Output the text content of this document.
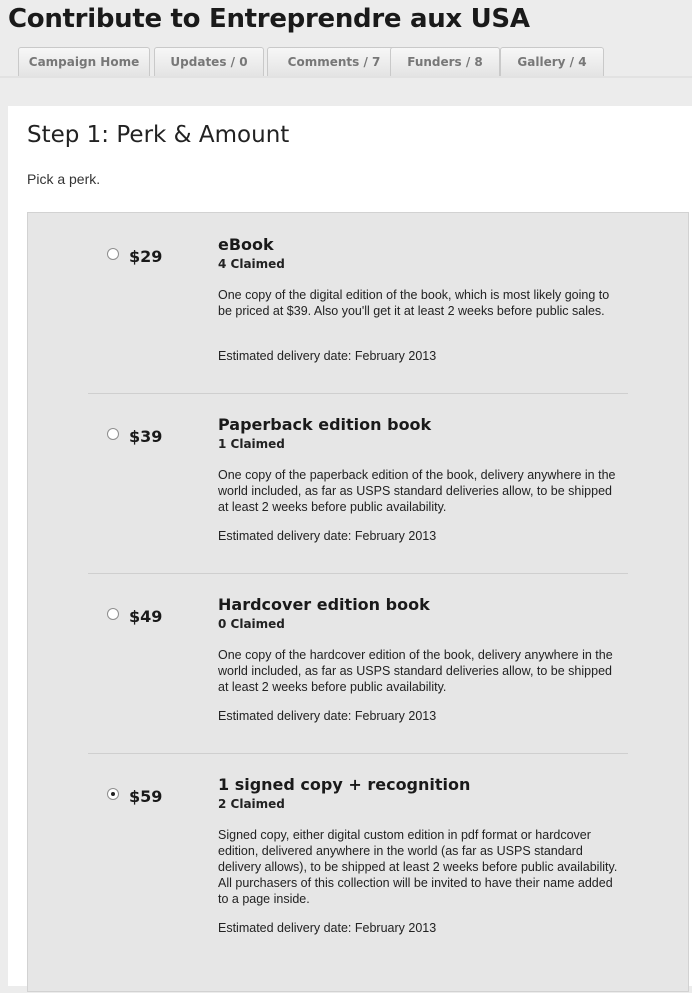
Contribute to Entreprendre aux USA
Campaign Home	Updates / 0	Comments / 7	Funders / 8	Gallery / 4
Step 1: Perk & Amount
Pick a perk.
$29
eBook
4 Claimed
One copy of the digital edition of the book, which is most likely going to be priced at $39. Also you'll get it at least 2 weeks before public sales.
Estimated delivery date: February 2013
$39
Paperback edition book
1 Claimed
One copy of the paperback edition of the book, delivery anywhere in the world included, as far as USPS standard deliveries allow, to be shipped at least 2 weeks before public availability.
Estimated delivery date: February 2013
$49
Hardcover edition book
0 Claimed
One copy of the hardcover edition of the book, delivery anywhere in the world included, as far as USPS standard deliveries allow, to be shipped at least 2 weeks before public availability.
Estimated delivery date: February 2013
$59
1 signed copy + recognition
2 Claimed
Signed copy, either digital custom edition in pdf format or hardcover edition, delivered anywhere in the world (as far as USPS standard delivery allows), to be shipped at least 2 weeks before public availability. All purchasers of this collection will be invited to have their name added to a page inside.
Estimated delivery date: February 2013
